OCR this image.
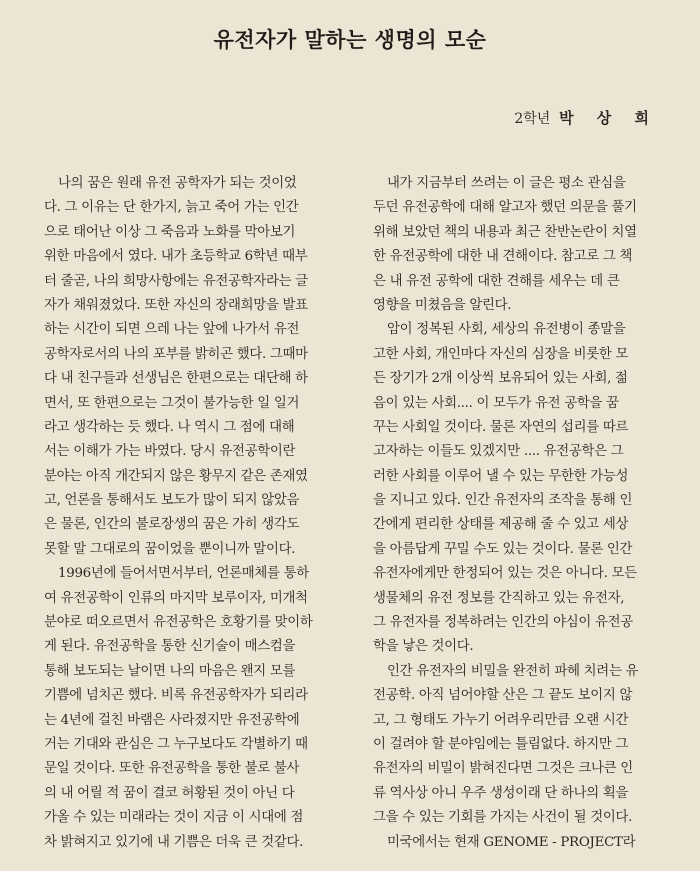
유전자가 말하는 생명의 모순
2학년 박 상 희
나의 꿈은 원래 유전 공학자가 되는 것이었
다. 그 이유는 단 한가지, 늙고 죽어 가는 인간
으로 태어난 이상 그 죽음과 노화를 막아보기
위한 마음에서 였다. 내가 초등학교 6학년 때부
터 줄곧, 나의 희망사항에는 유전공학자라는 글
자가 채워졌었다. 또한 자신의 장래희망을 발표
하는 시간이 되면 으레 나는 앞에 나가서 유전
공학자로서의 나의 포부를 밝히곤 했다. 그때마
다 내 친구들과 선생님은 한편으로는 대단해 하
면서, 또 한편으로는 그것이 불가능한 일 일거
라고 생각하는 듯 했다. 나 역시 그 점에 대해
서는 이해가 가는 바였다. 당시 유전공학이란
분야는 아직 개간되지 않은 황무지 같은 존재였
고, 언론을 통해서도 보도가 많이 되지 않았음
은 물론, 인간의 불로장생의 꿈은 가히 생각도
못할 말 그대로의 꿈이었을 뿐이니까 말이다.
1996년에 들어서면서부터, 언론매체를 통하
여 유전공학이 인류의 마지막 보루이자, 미개척
분야로 떠오르면서 유전공학은 호황기를 맞이하
게 된다. 유전공학을 통한 신기술이 매스컴을
통해 보도되는 날이면 나의 마음은 왠지 모를
기쁨에 넘치곤 했다. 비록 유전공학자가 되리라
는 4년에 걸친 바램은 사라졌지만 유전공학에
거는 기대와 관심은 그 누구보다도 각별하기 때
문일 것이다. 또한 유전공학을 통한 불로 불사
의 내 어릴 적 꿈이 결코 허황된 것이 아닌 다
가올 수 있는 미래라는 것이 지금 이 시대에 점
차 밝혀지고 있기에 내 기쁨은 더욱 큰 것같다.
내가 지금부터 쓰려는 이 글은 평소 관심을
두던 유전공학에 대해 알고자 했던 의문을 풀기
위해 보았던 책의 내용과 최근 찬반논란이 치열
한 유전공학에 대한 내 견해이다. 참고로 그 책
은 내 유전 공학에 대한 견해를 세우는 데 큰
영향을 미쳤음을 알린다.
암이 정복된 사회, 세상의 유전병이 종말을
고한 사회, 개인마다 자신의 심장을 비롯한 모
든 장기가 2개 이상씩 보유되어 있는 사회, 젊
음이 있는 사회.... 이 모두가 유전 공학을 꿈
꾸는 사회일 것이다. 물론 자연의 섭리를 따르
고자하는 이들도 있겠지만 .... 유전공학은 그
러한 사회를 이루어 낼 수 있는 무한한 가능성
을 지니고 있다. 인간 유전자의 조작을 통해 인
간에게 편리한 상태를 제공해 줄 수 있고 세상
을 아름답게 꾸밀 수도 있는 것이다. 물론 인간
유전자에게만 한정되어 있는 것은 아니다. 모든
생물체의 유전 정보를 간직하고 있는 유전자,
그 유전자를 정복하려는 인간의 야심이 유전공
학을 낳은 것이다.
인간 유전자의 비밀을 완전히 파헤 치려는 유
전공학. 아직 넘어야할 산은 그 끝도 보이지 않
고, 그 형태도 가누기 어려우리만큼 오랜 시간
이 걸려야 할 분야임에는 틀림없다. 하지만 그
유전자의 비밀이 밝혀진다면 그것은 크나큰 인
류 역사상 아니 우주 생성이래 단 하나의 획을
그을 수 있는 기회를 가지는 사건이 될 것이다.
미국에서는 현재 GENOME - PROJECT라
